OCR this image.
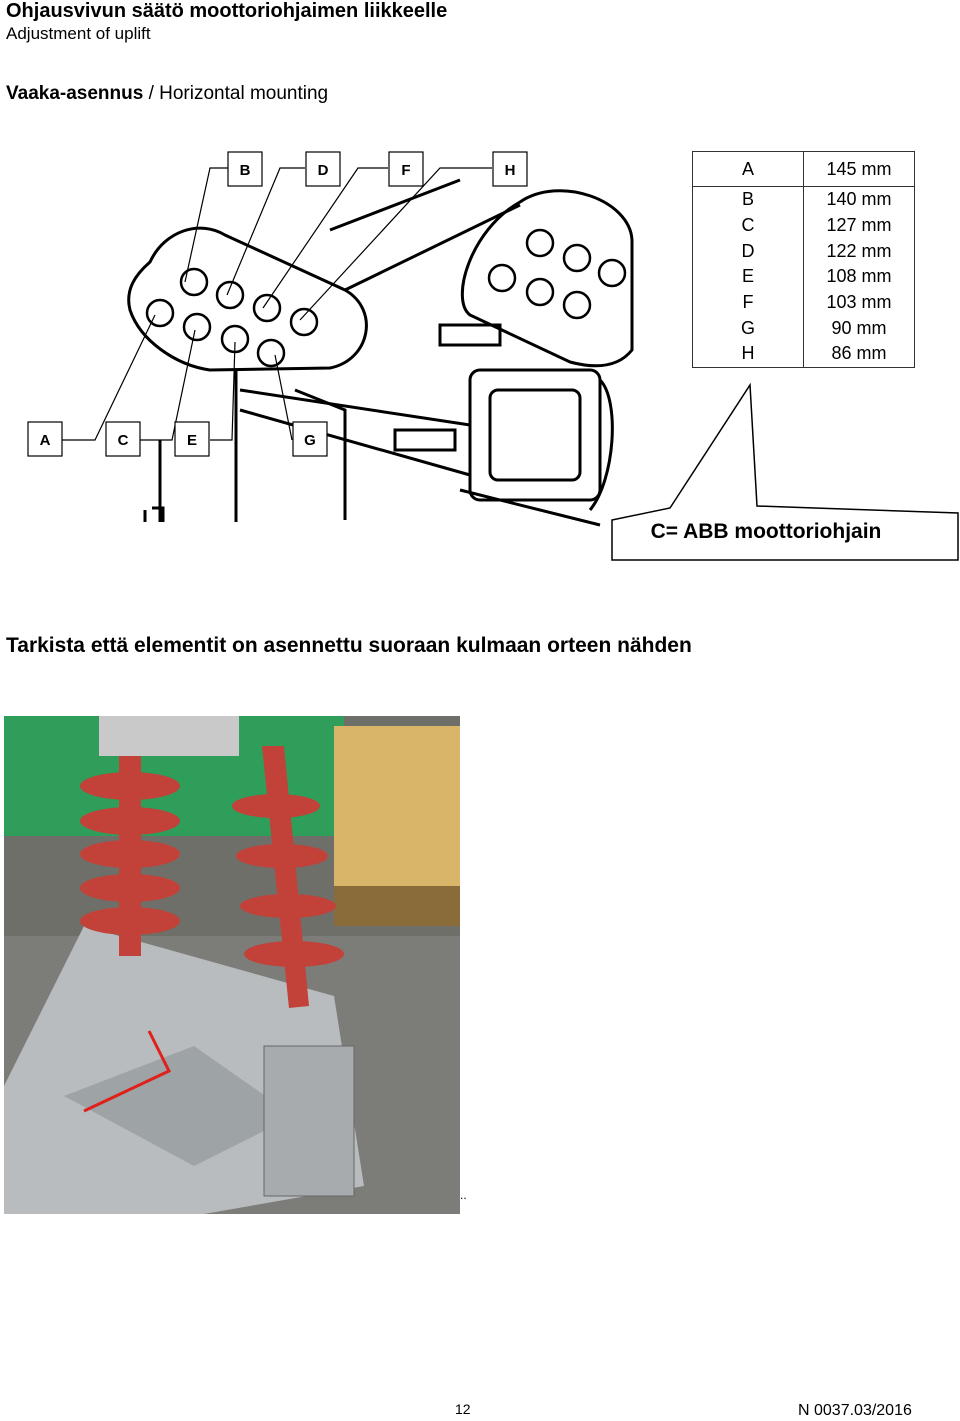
Ohjausvivun säätö moottoriohjaimen liikkeelle
Adjustment of uplift
Vaaka-asennus / Horizontal mounting
B	D	F	H
A	C	E	G
C= ABB moottoriohjain
A	145 mm
B	140 mm
C	127 mm
D	122 mm
E	108 mm
F	103 mm
G	90 mm
H	86 mm
Tarkista että elementit on asennettu suoraan kulmaan orteen nähden
..
12	N 0037.03/2016
